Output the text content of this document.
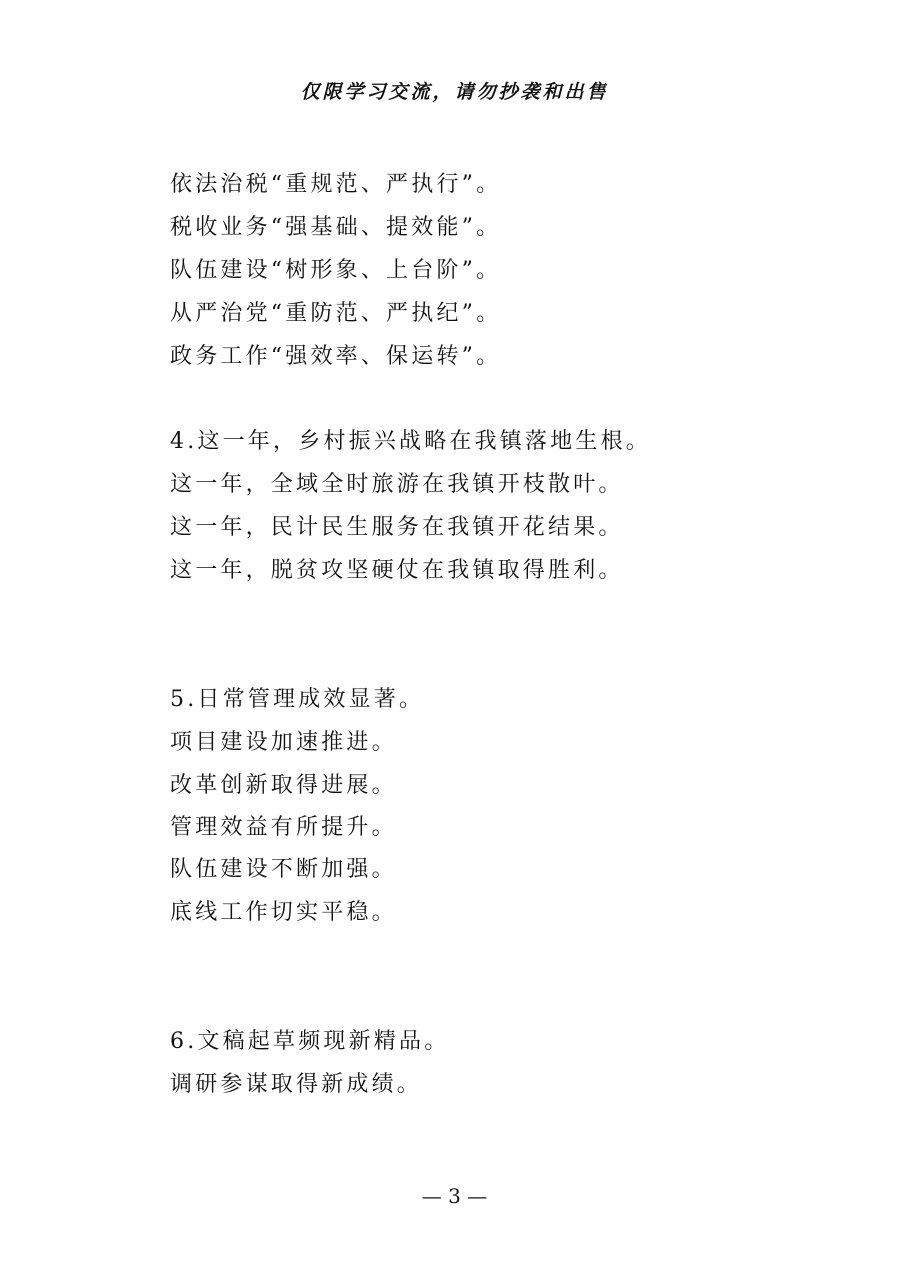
仅限学习交流，请勿抄袭和出售
依法治税“重规范、严执行”。
税收业务“强基础、提效能”。
队伍建设“树形象、上台阶”。
从严治党“重防范、严执纪”。
政务工作“强效率、保运转”。
4.这一年，乡村振兴战略在我镇落地生根。
这一年，全域全时旅游在我镇开枝散叶。
这一年，民计民生服务在我镇开花结果。
这一年，脱贫攻坚硬仗在我镇取得胜利。
5.日常管理成效显著。
项目建设加速推进。
改革创新取得进展。
管理效益有所提升。
队伍建设不断加强。
底线工作切实平稳。
6.文稿起草频现新精品。
调研参谋取得新成绩。
— 3 —
